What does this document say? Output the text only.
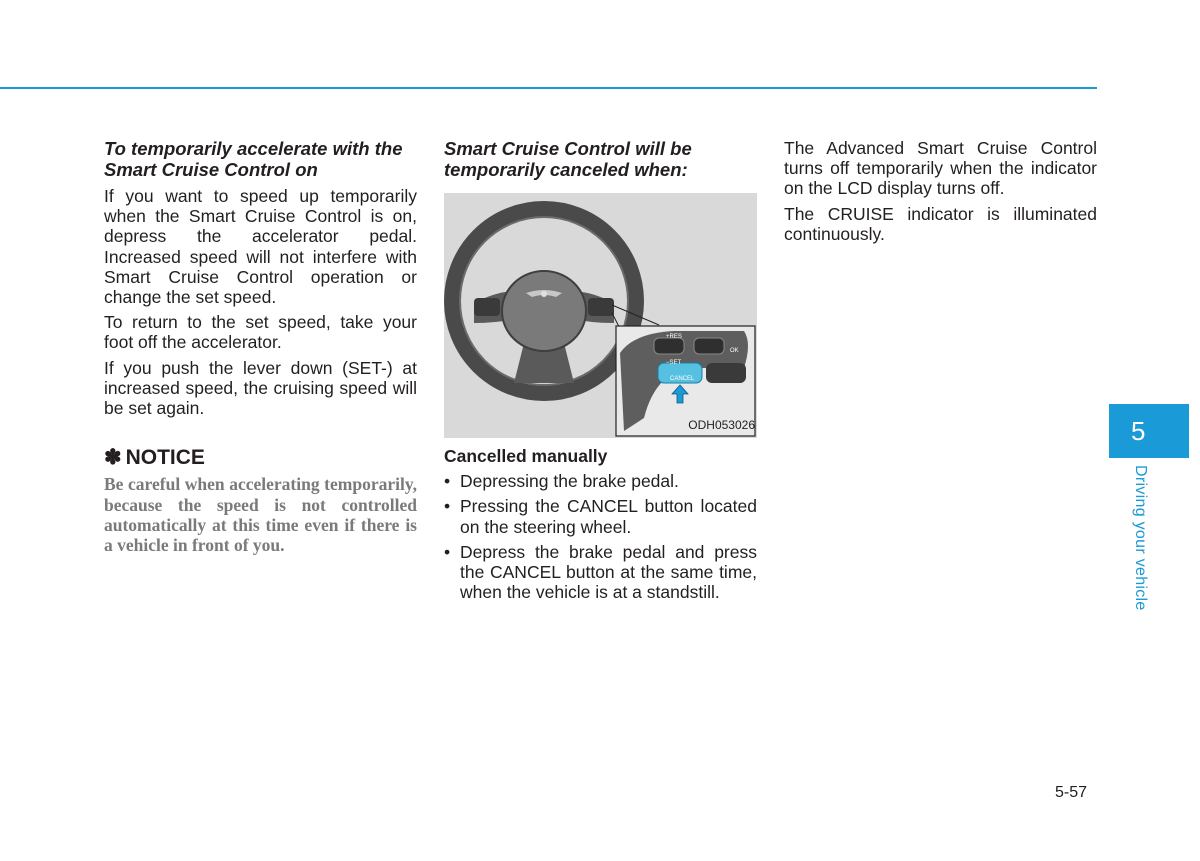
To temporarily accelerate with the Smart Cruise Control on

If you want to speed up temporarily when the Smart Cruise Control is on, depress the accelerator pedal. Increased speed will not interfere with Smart Cruise Control operation or change the set speed.

To return to the set speed, take your foot off the accelerator.

If you push the lever down (SET-) at increased speed, the cruising speed will be set again.

✽ NOTICE

Be careful when accelerating temporarily, because the speed is not controlled automatically at this time even if there is a vehicle in front of you.

Smart Cruise Control will be temporarily canceled when:
+RES
−SET
OK
CANCEL
ODH053026
Cancelled manually
• Depressing the brake pedal.
• Pressing the CANCEL button located on the steering wheel.
• Depress the brake pedal and press the CANCEL button at the same time, when the vehicle is at a standstill.

The Advanced Smart Cruise Control turns off temporarily when the indicator on the LCD display turns off.

The CRUISE indicator is illuminated continuously.

5
Driving your vehicle
5-57
